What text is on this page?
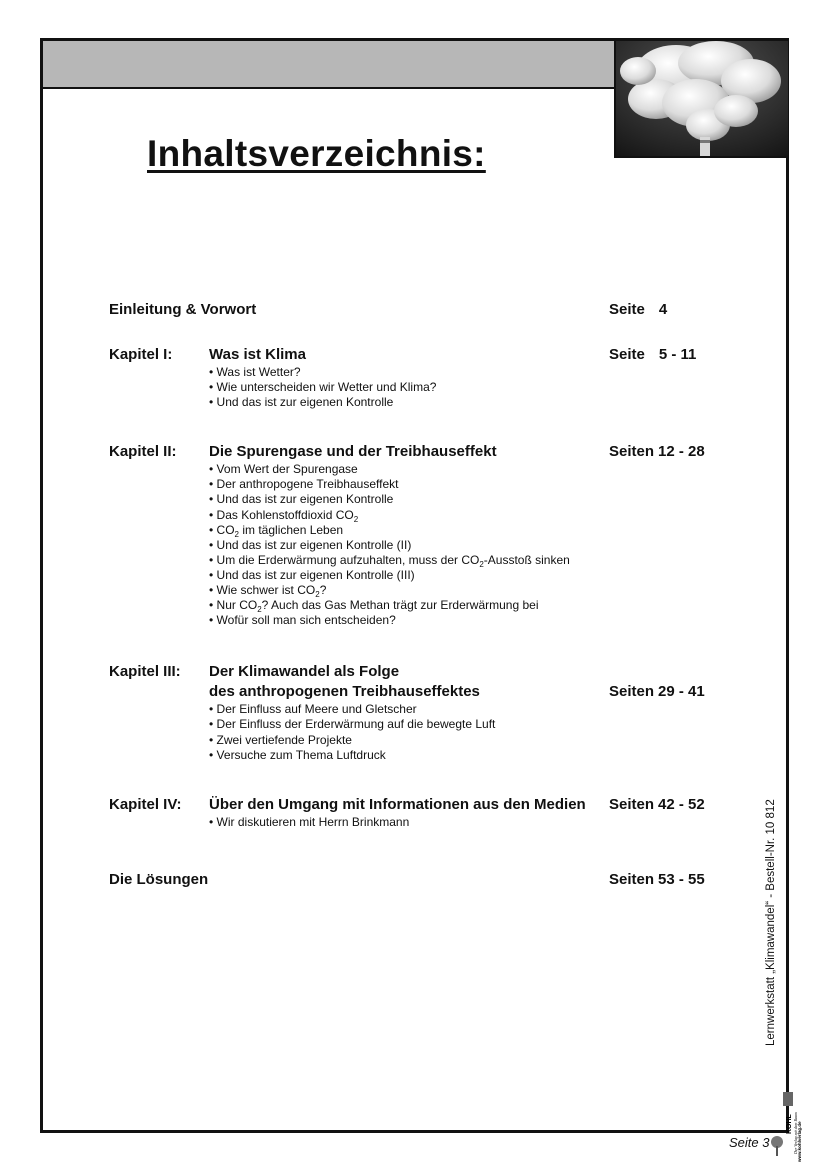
Inhaltsverzeichnis:
Einleitung & Vorwort	Seite 4
Kapitel I: Was ist Klima	Seite 5 - 11
• Was ist Wetter?
• Wie unterscheiden wir Wetter und Klima?
• Und das ist zur eigenen Kontrolle
Kapitel II: Die Spurengase und der Treibhauseffekt	Seiten 12 - 28
• Vom Wert der Spurengase
• Der anthropogene Treibhauseffekt
• Und das ist zur eigenen Kontrolle
• Das Kohlenstoffdioxid $CO_2$
• $CO_2$ im täglichen Leben
• Und das ist zur eigenen Kontrolle (II)
• Um die Erderwärmung aufzuhalten, muss der $CO_2$-Ausstoß sinken
• Und das ist zur eigenen Kontrolle (III)
• Wie schwer ist $CO_2$?
• Nur $CO_2$? Auch das Gas Methan trägt zur Erderwärmung bei
• Wofür soll man sich entscheiden?
Kapitel III: Der Klimawandel als Folge
des anthropogenen Treibhauseffektes	Seiten 29 - 41
• Der Einfluss auf Meere und Gletscher
• Der Einfluss der Erderwärmung auf die bewegte Luft
• Zwei vertiefende Projekte
• Versuche zum Thema Luftdruck
Kapitel IV: Über den Umgang mit Informationen aus den Medien Seiten 42 - 52
• Wir diskutieren mit Herrn Brinkmann
Die Lösungen	Seiten 53 - 55
KOHL Der Verlag mit dem Baum www.kohlverlag.de
Lernwerkstatt „Klimawandel“ - Bestell-Nr. 10 812
Seite 3
